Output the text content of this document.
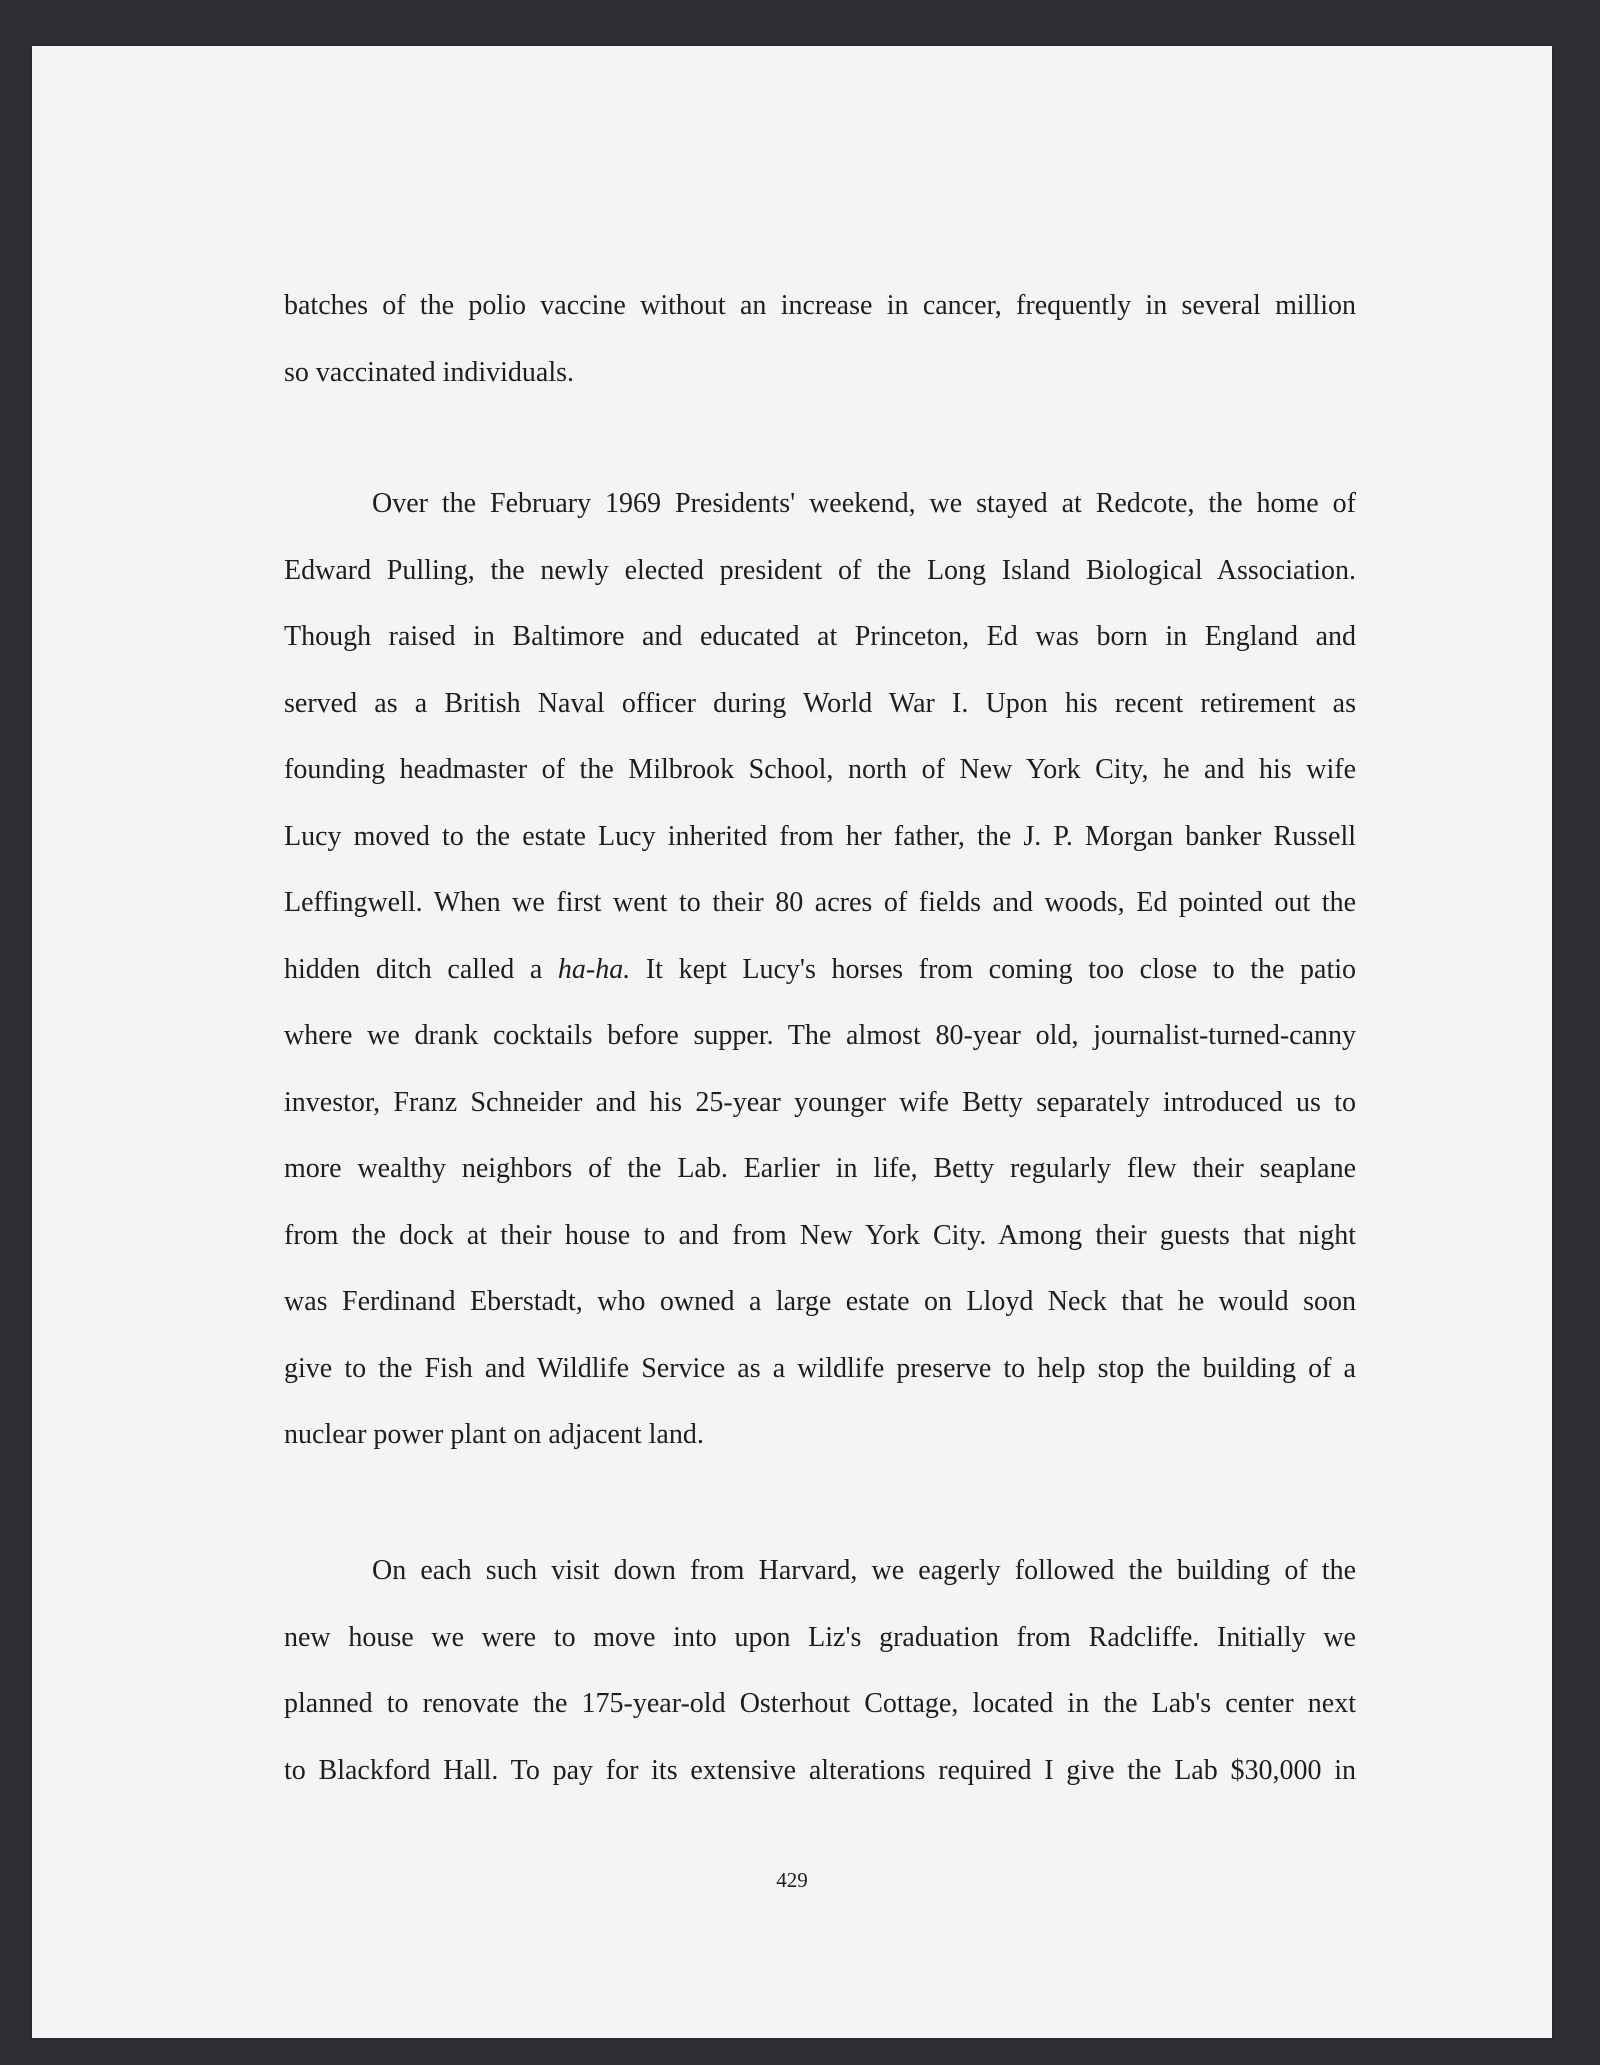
batches of the polio vaccine without an increase in cancer, frequently in several million
so vaccinated individuals.
Over the February 1969 Presidents' weekend, we stayed at Redcote, the home of
Edward Pulling, the newly elected president of the Long Island Biological Association.
Though raised in Baltimore and educated at Princeton, Ed was born in England and
served as a British Naval officer during World War I. Upon his recent retirement as
founding headmaster of the Milbrook School, north of New York City, he and his wife
Lucy moved to the estate Lucy inherited from her father, the J. P. Morgan banker Russell
Leffingwell. When we first went to their 80 acres of fields and woods, Ed pointed out the
hidden ditch called a ha-ha. It kept Lucy's horses from coming too close to the patio
where we drank cocktails before supper. The almost 80-year old, journalist-turned-canny
investor, Franz Schneider and his 25-year younger wife Betty separately introduced us to
more wealthy neighbors of the Lab. Earlier in life, Betty regularly flew their seaplane
from the dock at their house to and from New York City. Among their guests that night
was Ferdinand Eberstadt, who owned a large estate on Lloyd Neck that he would soon
give to the Fish and Wildlife Service as a wildlife preserve to help stop the building of a
nuclear power plant on adjacent land.
On each such visit down from Harvard, we eagerly followed the building of the
new house we were to move into upon Liz's graduation from Radcliffe. Initially we
planned to renovate the 175-year-old Osterhout Cottage, located in the Lab's center next
to Blackford Hall. To pay for its extensive alterations required I give the Lab $30,000 in
429
